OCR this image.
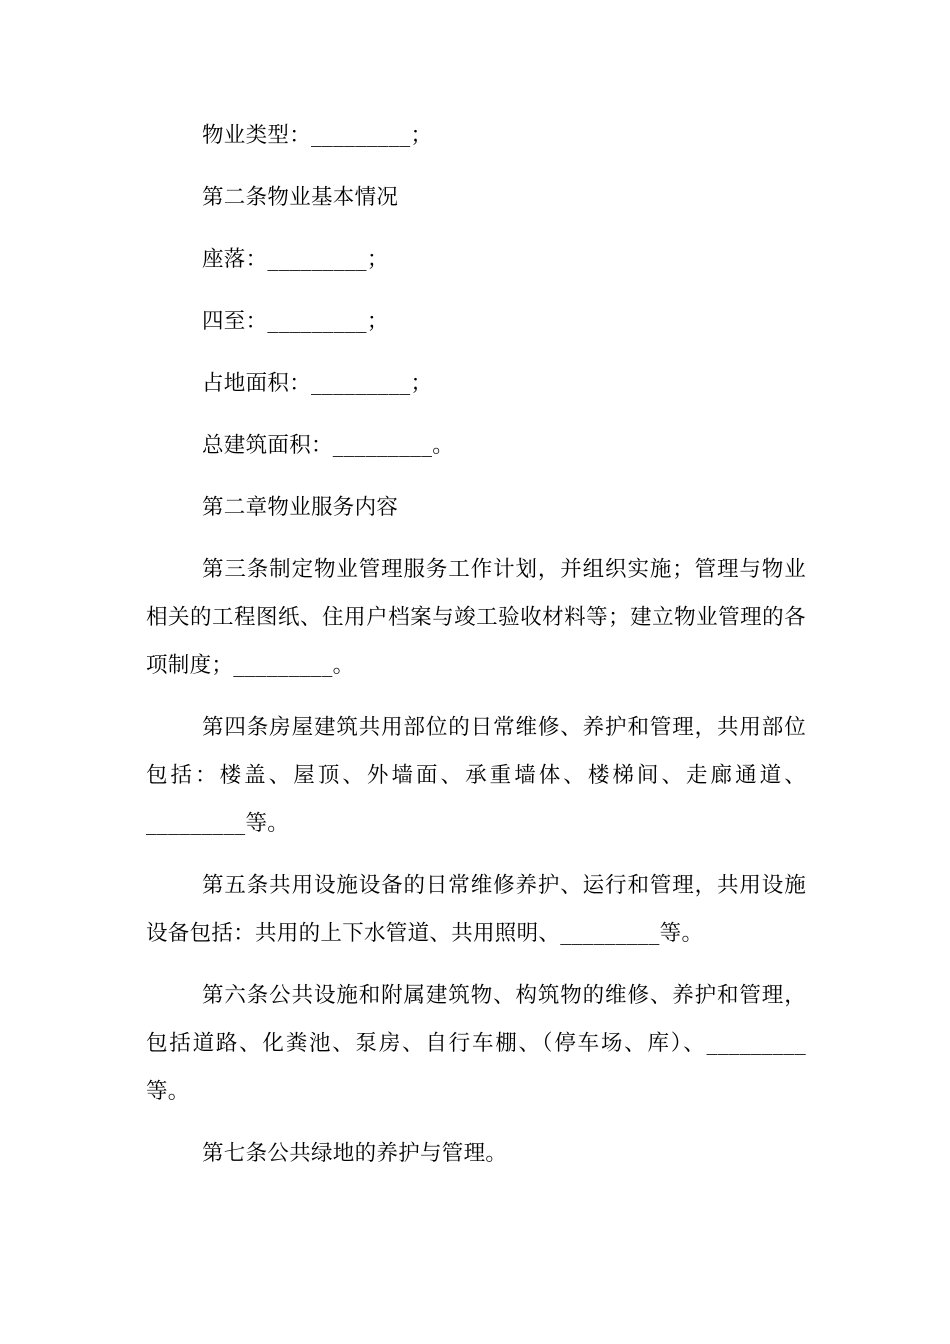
物业类型：_________；

第二条物业基本情况

座落：_________；

四至：_________；

占地面积：_________；

总建筑面积：_________。

第二章物业服务内容

第三条制定物业管理服务工作计划，并组织实施；管理与物业相关的工程图纸、住用户档案与竣工验收材料等；建立物业管理的各项制度；_________。

第四条房屋建筑共用部位的日常维修、养护和管理，共用部位包括：楼盖、屋顶、外墙面、承重墙体、楼梯间、走廊通道、_________等。

第五条共用设施设备的日常维修养护、运行和管理，共用设施设备包括：共用的上下水管道、共用照明、_________等。

第六条公共设施和附属建筑物、构筑物的维修、养护和管理，包括道路、化粪池、泵房、自行车棚、（停车场、库）、_________等。

第七条公共绿地的养护与管理。
